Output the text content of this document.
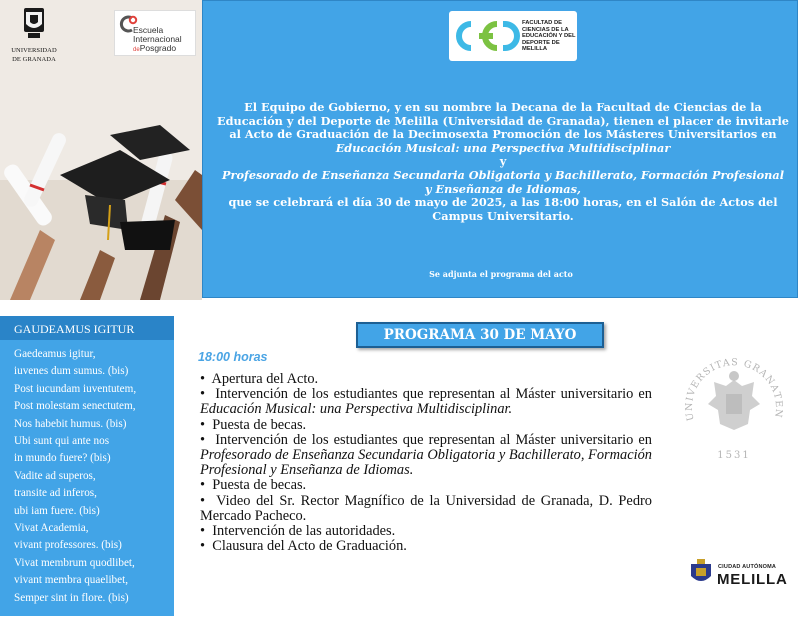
UNIVERSIDAD
DE GRANADA
Escuela
Internacional
dePosgrado
FACULTAD DE
CIENCIAS DE LA
EDUCACIÓN Y DEL
DEPORTE DE
MELILLA
El Equipo de Gobierno, y en su nombre la Decana de la Facultad de Ciencias de la Educación y del Deporte de Melilla (Universidad de Granada), tienen el placer de invitarle al Acto de Graduación de la Decimosexta Promoción de los Másteres Universitarios en
Educación Musical: una Perspectiva Multidisciplinar
y
Profesorado de Enseñanza Secundaria Obligatoria y Bachillerato, Formación Profesional y Enseñanza de Idiomas,
que se celebrará el día 30 de mayo de 2025, a las 18:00 horas, en el Salón de Actos del Campus Universitario.
Se adjunta el programa del acto
GAUDEAMUS IGITUR
Gaedeamus igitur,
iuvenes dum sumus. (bis)
Post iucundam iuventutem,
Post molestam senectutem,
Nos habebit humus. (bis)
Ubi sunt qui ante nos
in mundo fuere? (bis)
Vadite ad superos,
transite ad inferos,
ubi iam fuere. (bis)
Vivat Academia,
vivant professores. (bis)
Vivat membrum quodlibet,
vivant membra quaelibet,
Semper sint in flore. (bis)
PROGRAMA 30 DE MAYO
18:00 horas
• Apertura del Acto.
• Intervención de los estudiantes que representan al Máster universitario en Educación Musical: una Perspectiva Multidisciplinar.
• Puesta de becas.
• Intervención de los estudiantes que representan al Máster universitario en Profesorado de Enseñanza Secundaria Obligatoria y Bachillerato, Formación Profesional y Enseñanza de Idiomas.
• Puesta de becas.
• Video del Sr. Rector Magnífico de la Universidad de Granada, D. Pedro Mercado Pacheco.
• Intervención de las autoridades.
• Clausura del Acto de Graduación.
UNIVERSITAS GRANATEN
1531
CIUDAD AUTÓNOMA
MELILLA
